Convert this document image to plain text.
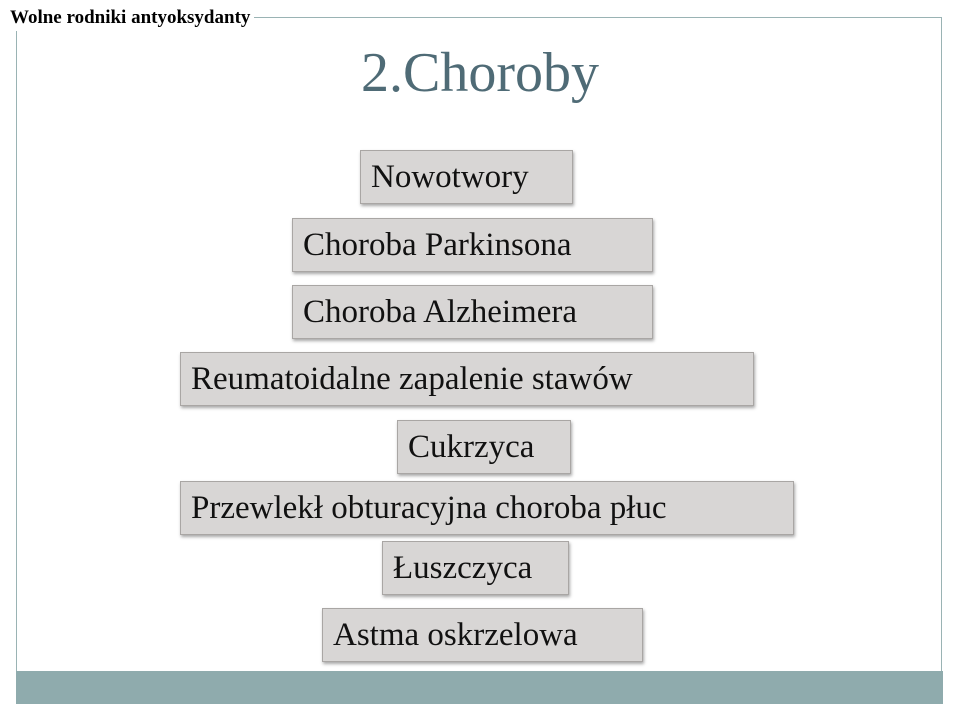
Wolne rodniki antyoksydanty
2.Choroby
Nowotwory
Choroba Parkinsona
Choroba Alzheimera
Reumatoidalne zapalenie stawów
Cukrzyca
Przewlekł obturacyjna choroba płuc
Łuszczyca
Astma oskrzelowa
